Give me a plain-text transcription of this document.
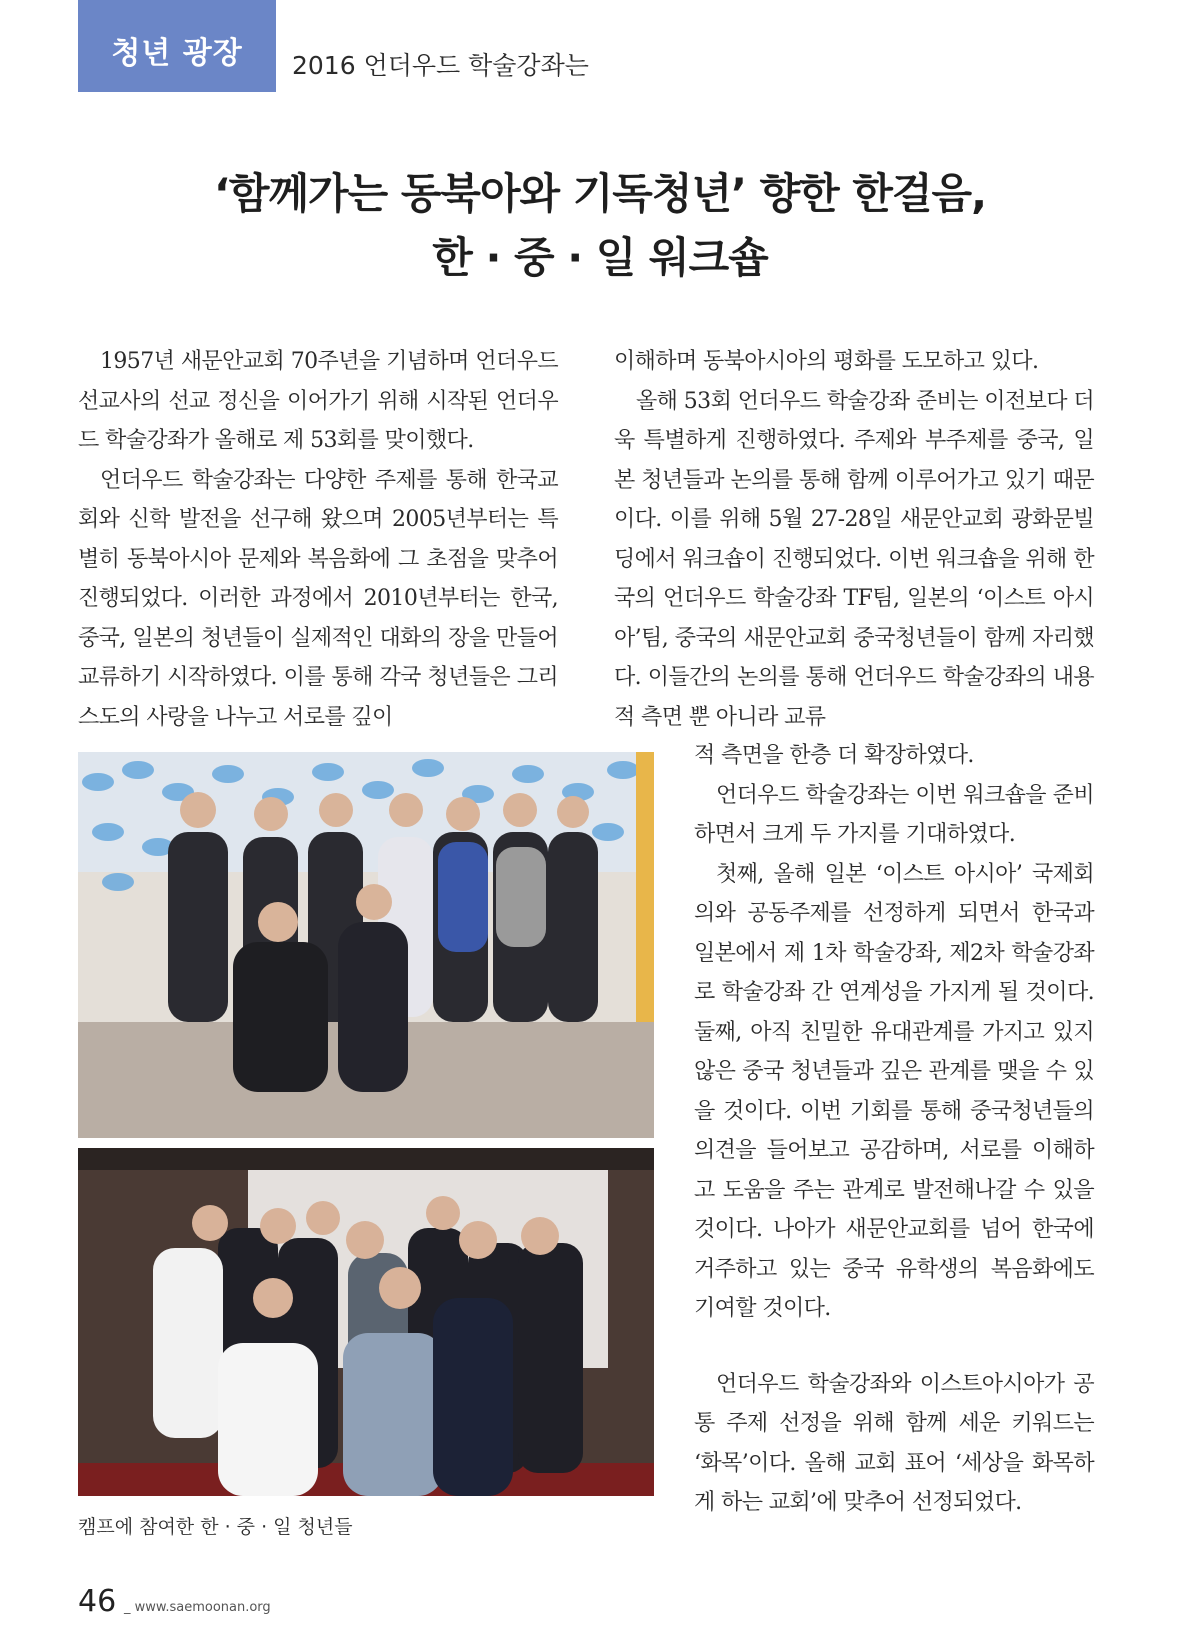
청년 광장 2016 언더우드 학술강좌는
‘함께가는 동북아와 기독청년’ 향한 한걸음,
한 · 중 · 일 워크숍

1957년 새문안교회 70주년을 기념하며 언더우드 선교사의 선교 정신을 이어가기 위해 시작된 언더우드 학술강좌가 올해로 제 53회를 맞이했다.

언더우드 학술강좌는 다양한 주제를 통해 한국교회와 신학 발전을 선구해 왔으며 2005년부터는 특별히 동북아시아 문제와 복음화에 그 초점을 맞추어 진행되었다. 이러한 과정에서 2010년부터는 한국, 중국, 일본의 청년들이 실제적인 대화의 장을 만들어 교류하기 시작하였다. 이를 통해 각국 청년들은 그리스도의 사랑을 나누고 서로를 깊이

이해하며 동북아시아의 평화를 도모하고 있다.

올해 53회 언더우드 학술강좌 준비는 이전보다 더욱 특별하게 진행하였다. 주제와 부주제를 중국, 일본 청년들과 논의를 통해 함께 이루어가고 있기 때문이다. 이를 위해 5월 27-28일 새문안교회 광화문빌딩에서 워크숍이 진행되었다. 이번 워크숍을 위해 한국의 언더우드 학술강좌 TF팀, 일본의 ‘이스트 아시아’팀, 중국의 새문안교회 중국청년들이 함께 자리했다. 이들간의 논의를 통해 언더우드 학술강좌의 내용적 측면 뿐 아니라 교류

적 측면을 한층 더 확장하였다.

언더우드 학술강좌는 이번 워크숍을 준비하면서 크게 두 가지를 기대하였다.

첫째, 올해 일본 ‘이스트 아시아’ 국제회의와 공동주제를 선정하게 되면서 한국과 일본에서 제 1차 학술강좌, 제2차 학술강좌로 학술강좌 간 연계성을 가지게 될 것이다. 둘째, 아직 친밀한 유대관계를 가지고 있지 않은 중국 청년들과 깊은 관계를 맺을 수 있을 것이다. 이번 기회를 통해 중국청년들의 의견을 들어보고 공감하며, 서로를 이해하고 도움을 주는 관계로 발전해나갈 수 있을 것이다. 나아가 새문안교회를 넘어 한국에 거주하고 있는 중국 유학생의 복음화에도 기여할 것이다.

언더우드 학술강좌와 이스트아시아가 공통 주제 선정을 위해 함께 세운 키워드는 ‘화목’이다. 올해 교회 표어 ‘세상을 화목하게 하는 교회’에 맞추어 선정되었다.

캠프에 참여한 한 · 중 · 일 청년들
46 _ www.saemoonan.org
